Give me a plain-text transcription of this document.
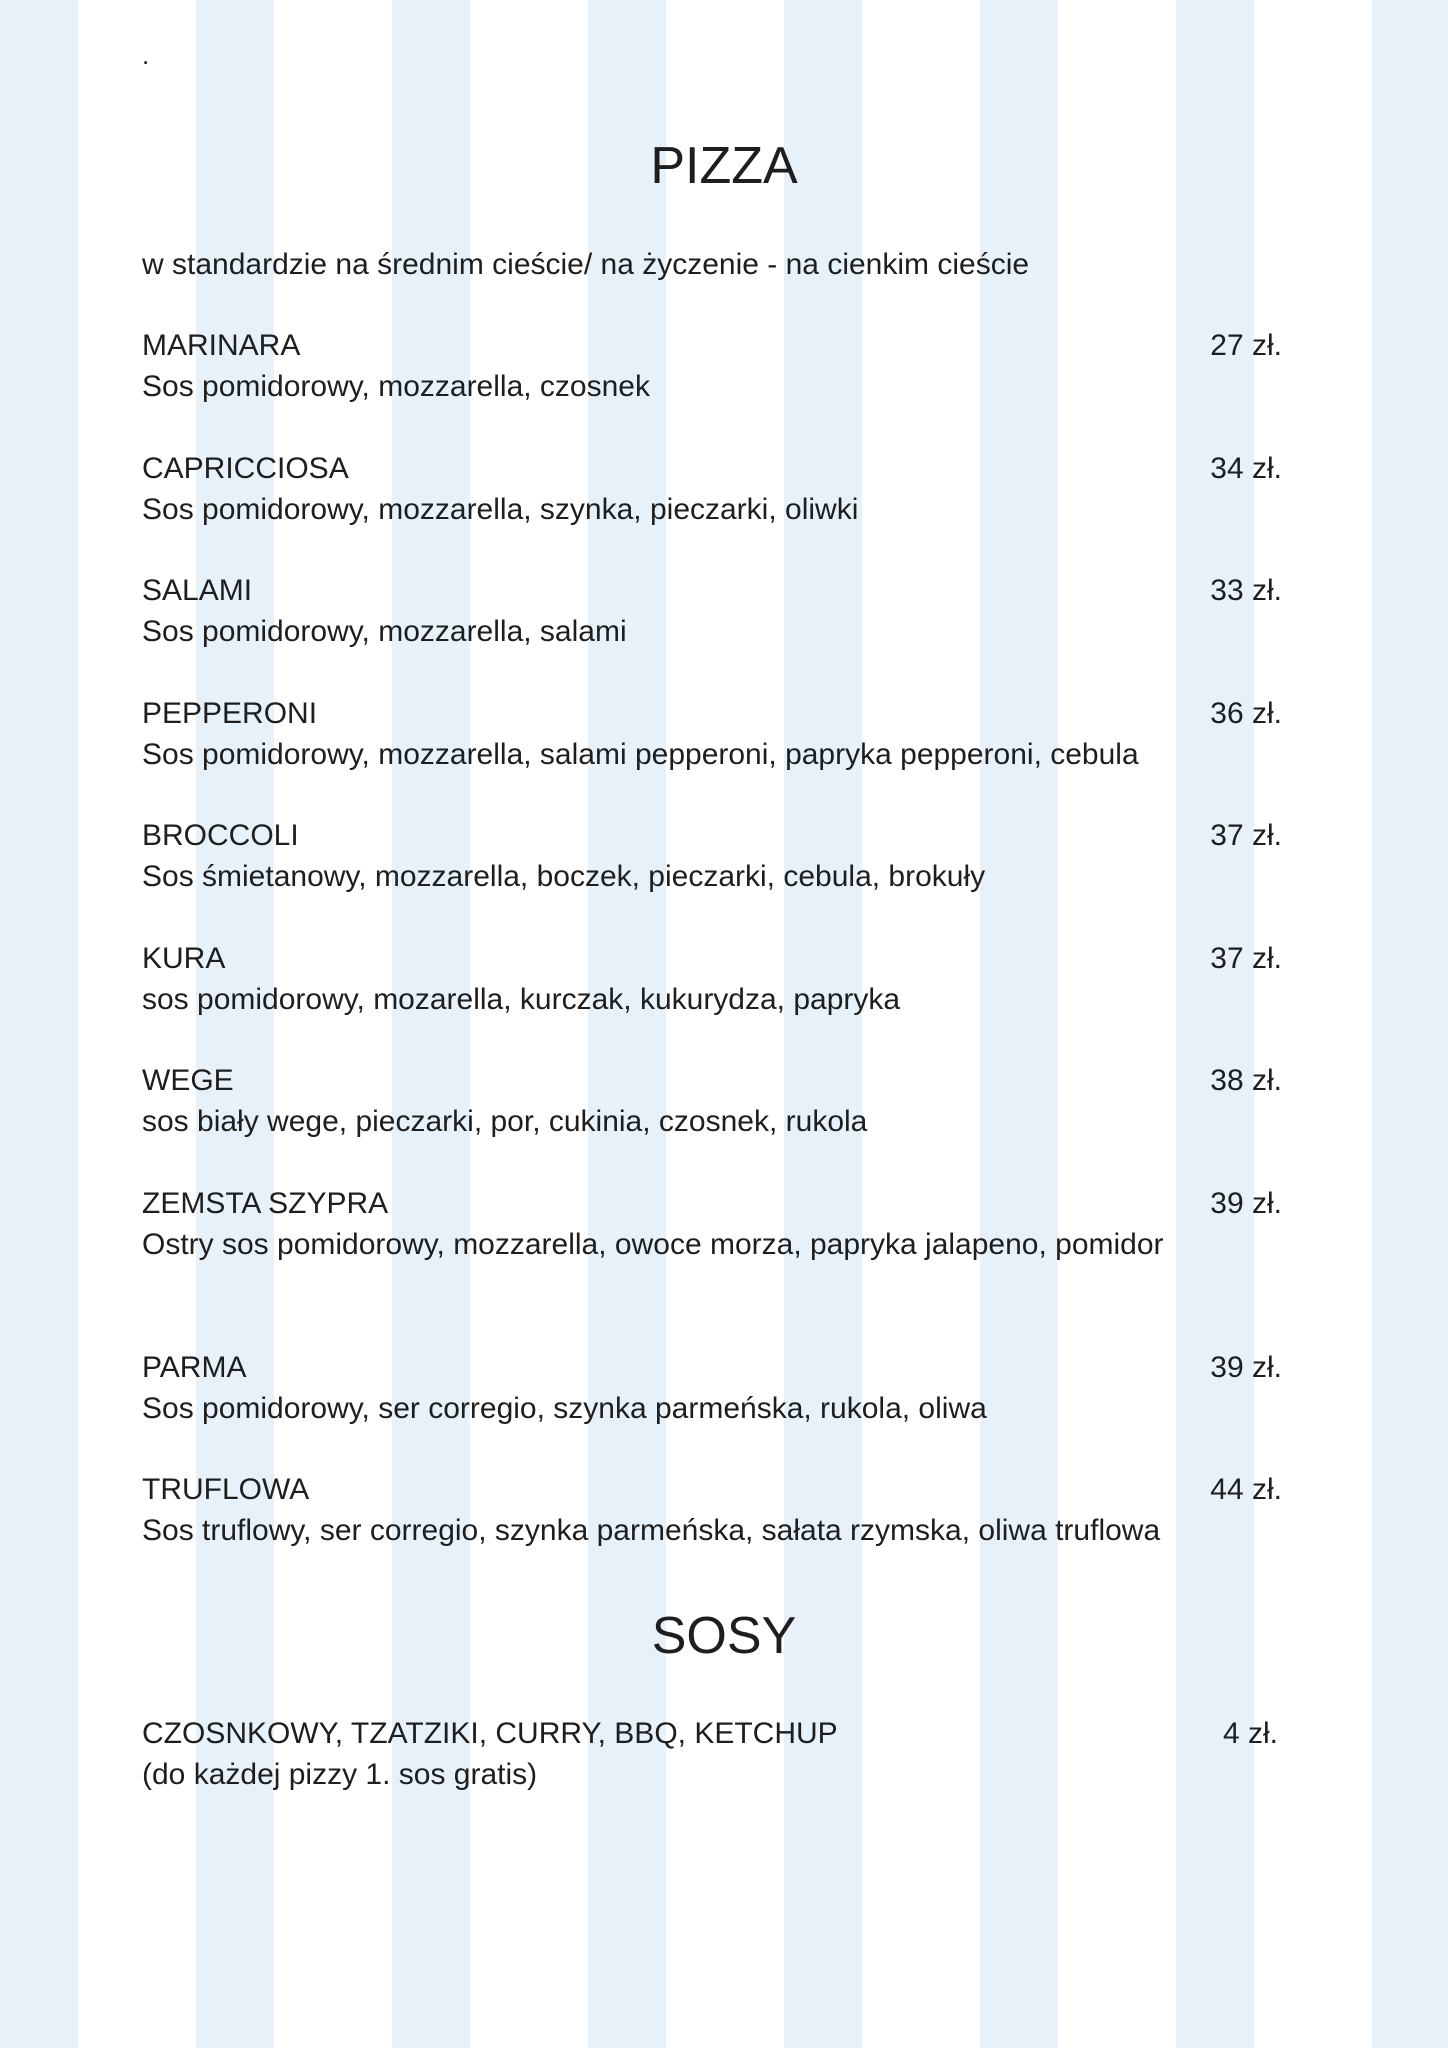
.
PIZZA
w standardzie na średnim cieście/ na życzenie - na cienkim cieście
MARINARA	27 zł.
Sos pomidorowy, mozzarella, czosnek
CAPRICCIOSA	34 zł.
Sos pomidorowy, mozzarella, szynka, pieczarki, oliwki
SALAMI	33 zł.
Sos pomidorowy, mozzarella, salami
PEPPERONI	36 zł.
Sos pomidorowy, mozzarella, salami pepperoni, papryka pepperoni, cebula
BROCCOLI	37 zł.
Sos śmietanowy, mozzarella, boczek, pieczarki, cebula, brokuły
KURA	37 zł.
sos pomidorowy, mozarella, kurczak, kukurydza, papryka
WEGE	38 zł.
sos biały wege, pieczarki, por, cukinia, czosnek, rukola
ZEMSTA SZYPRA	39 zł.
Ostry sos pomidorowy, mozzarella, owoce morza, papryka jalapeno, pomidor
PARMA	39 zł.
Sos pomidorowy, ser corregio, szynka parmeńska, rukola, oliwa
TRUFLOWA	44 zł.
Sos truflowy, ser corregio, szynka parmeńska, sałata rzymska, oliwa truflowa
SOSY
CZOSNKOWY, TZATZIKI, CURRY, BBQ, KETCHUP	4 zł.
(do każdej pizzy 1. sos gratis)
